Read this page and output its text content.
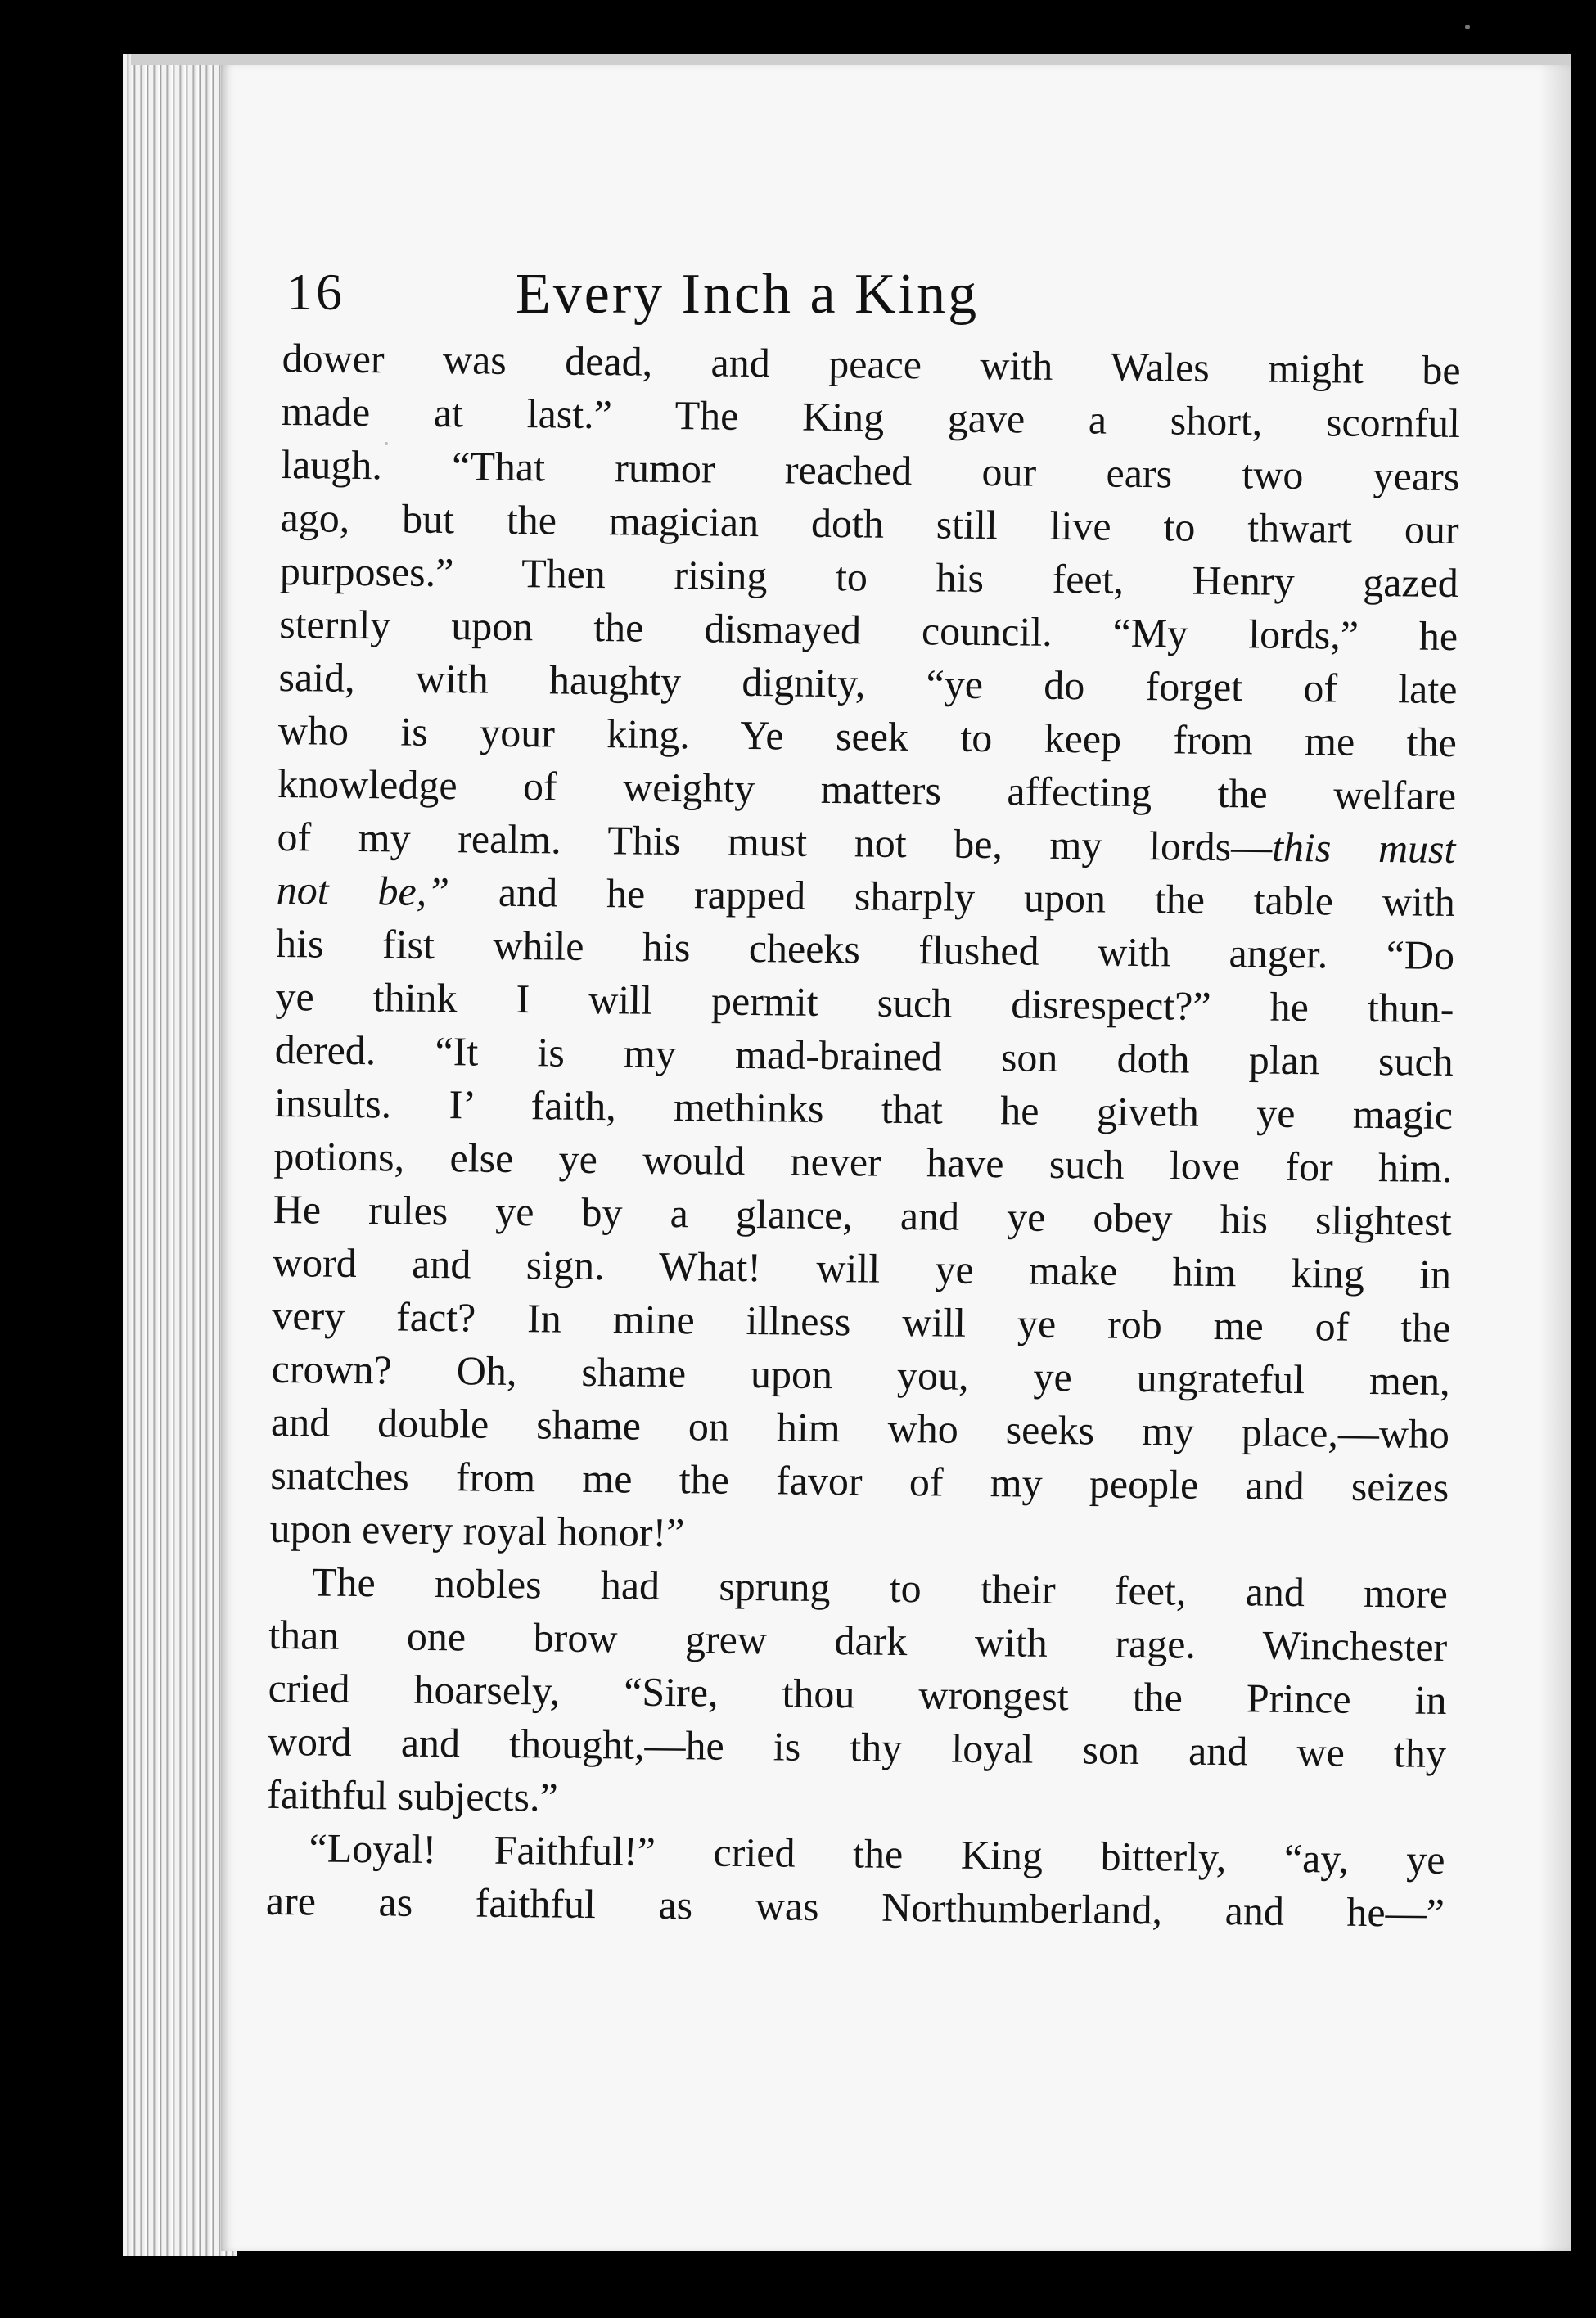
16	Every Inch a King
dower was dead, and peace with Wales might be
made at last.” The King gave a short, scornful
laugh. “That rumor reached our ears two years
ago, but the magician doth still live to thwart our
purposes.” Then rising to his feet, Henry gazed
sternly upon the dismayed council. “My lords,” he
said, with haughty dignity, “ye do forget of late
who is your king. Ye seek to keep from me the
knowledge of weighty matters affecting the welfare
of my realm. This must not be, my lords—this must
not be,” and he rapped sharply upon the table with
his fist while his cheeks flushed with anger. “Do
ye think I will permit such disrespect?” he thun-
dered. “It is my mad-brained son doth plan such
insults. I’ faith, methinks that he giveth ye magic
potions, else ye would never have such love for him.
He rules ye by a glance, and ye obey his slightest
word and sign. What! will ye make him king in
very fact? In mine illness will ye rob me of the
crown? Oh, shame upon you, ye ungrateful men,
and double shame on him who seeks my place,—who
snatches from me the favor of my people and seizes
upon every royal honor!”
The nobles had sprung to their feet, and more
than one brow grew dark with rage. Winchester
cried hoarsely, “Sire, thou wrongest the Prince in
word and thought,—he is thy loyal son and we thy
faithful subjects.”
“Loyal! Faithful!” cried the King bitterly, “ay, ye
are as faithful as was Northumberland, and he—”
